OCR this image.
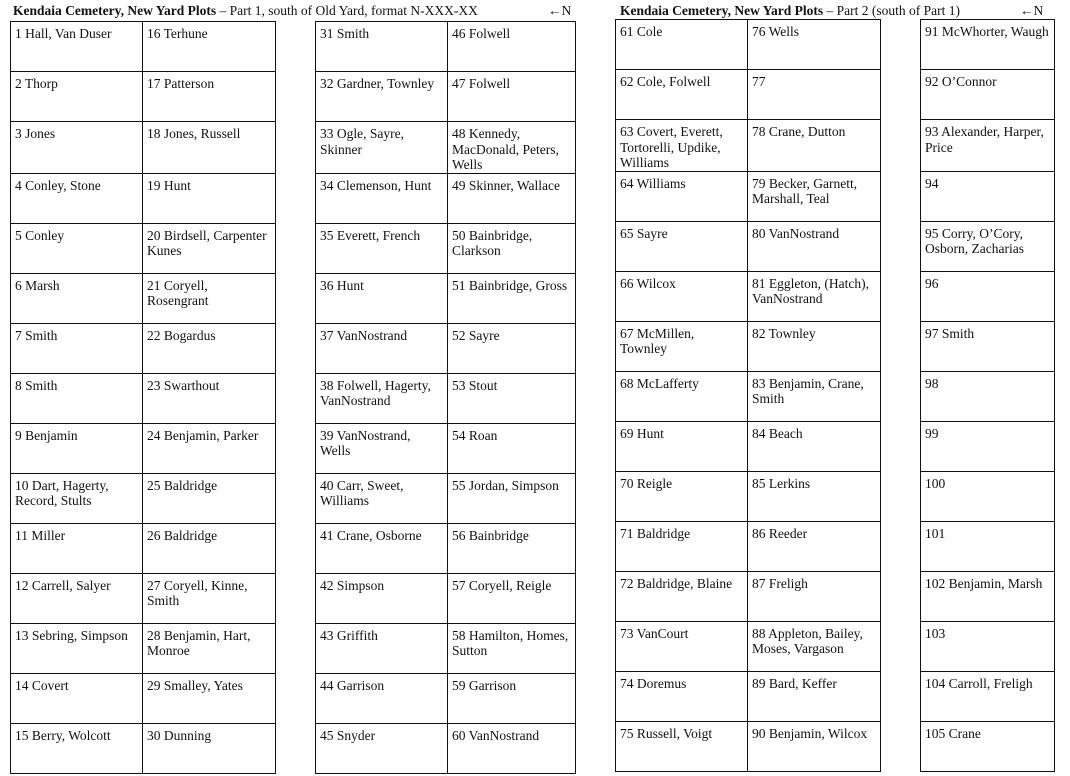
Kendaia Cemetery, New Yard Plots – Part 1, south of Old Yard, format N-XXX-XX	←N
1 Hall, Van Duser	16 Terhune		31 Smith	46 Folwell
2 Thorp	17 Patterson		32 Gardner, Townley	47 Folwell
3 Jones	18 Jones, Russell		33 Ogle, Sayre, Skinner	48 Kennedy, MacDonald, Peters, Wells
4 Conley, Stone	19 Hunt		34 Clemenson, Hunt	49 Skinner, Wallace
5 Conley	20 Birdsell, Carpenter Kunes		35 Everett, French	50 Bainbridge, Clarkson
6 Marsh	21 Coryell, Rosengrant		36 Hunt	51 Bainbridge, Gross
7 Smith	22 Bogardus		37 VanNostrand	52 Sayre
8 Smith	23 Swarthout		38 Folwell, Hagerty, VanNostrand	53 Stout
9 Benjamin	24 Benjamin, Parker		39 VanNostrand, Wells	54 Roan
10 Dart, Hagerty, Record, Stults	25 Baldridge		40 Carr, Sweet, Williams	55 Jordan, Simpson
11 Miller	26 Baldridge		41 Crane, Osborne	56 Bainbridge
12 Carrell, Salyer	27 Coryell, Kinne, Smith		42 Simpson	57 Coryell, Reigle
13 Sebring, Simpson	28 Benjamin, Hart, Monroe		43 Griffith	58 Hamilton, Homes, Sutton
14 Covert	29 Smalley, Yates		44 Garrison	59 Garrison
15 Berry, Wolcott	30 Dunning		45 Snyder	60 VanNostrand
Kendaia Cemetery, New Yard Plots – Part 2 (south of Part 1)	←N
61 Cole	76 Wells		91 McWhorter, Waugh
62 Cole, Folwell	77		92 O’Connor
63 Covert, Everett, Tortorelli, Updike, Williams	78 Crane, Dutton		93 Alexander, Harper, Price
64 Williams	79 Becker, Garnett, Marshall, Teal		94
65 Sayre	80 VanNostrand		95 Corry, O’Cory, Osborn, Zacharias
66 Wilcox	81 Eggleton, (Hatch), VanNostrand		96
67 McMillen, Townley	82 Townley		97 Smith
68 McLafferty	83 Benjamin, Crane, Smith		98
69 Hunt	84 Beach		99
70 Reigle	85 Lerkins		100
71 Baldridge	86 Reeder		101
72 Baldridge, Blaine	87 Freligh		102 Benjamin, Marsh
73 VanCourt	88 Appleton, Bailey, Moses, Vargason		103
74 Doremus	89 Bard, Keffer		104 Carroll, Freligh
75 Russell, Voigt	90 Benjamin, Wilcox		105 Crane
